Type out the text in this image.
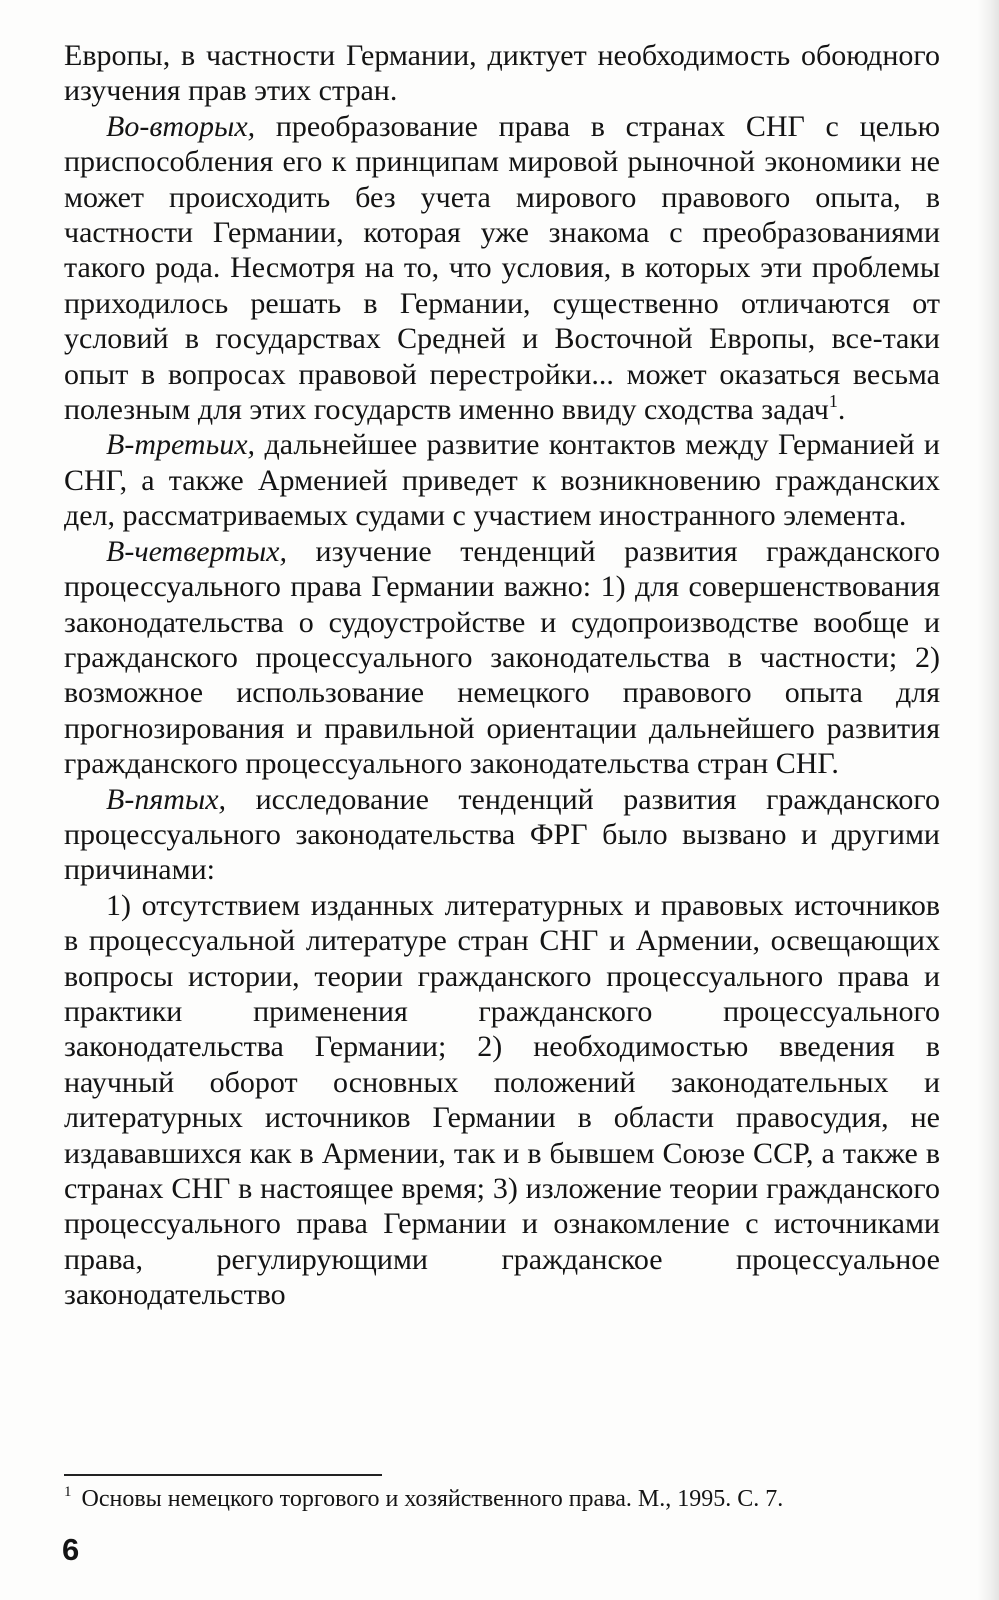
Европы, в частности Германии, диктует необходимость обоюдного изучения прав этих стран.

Во-вторых, преобразование права в странах СНГ с целью приспособления его к принципам мировой рыночной экономики не может происходить без учета мирового правового опыта, в частности Германии, которая уже знакома с преобразованиями такого рода. Несмотря на то, что условия, в которых эти проблемы приходилось решать в Германии, существенно отличаются от условий в государствах Средней и Восточной Европы, все-таки опыт в вопросах правовой перестройки... может оказаться весьма полезным для этих государств именно ввиду сходства задач$^1$.

В-третьих, дальнейшее развитие контактов между Германией и СНГ, а также Арменией приведет к возникновению гражданских дел, рассматриваемых судами с участием иностранного элемента.

В-четвертых, изучение тенденций развития гражданского процессуального права Германии важно: 1) для совершенствования законодательства о судоустройстве и судопроизводстве вообще и гражданского процессуального законодательства в частности; 2) возможное использование немецкого правового опыта для прогнозирования и правильной ориентации дальнейшего развития гражданского процессуального законодательства стран СНГ.

В-пятых, исследование тенденций развития гражданского процессуального законодательства ФРГ было вызвано и другими причинами:

1) отсутствием изданных литературных и правовых источников в процессуальной литературе стран СНГ и Армении, освещающих вопросы истории, теории гражданского процессуального права и практики применения гражданского процессуального законодательства Германии; 2) необходимостью введения в научный оборот основных положений законодательных и литературных источников Германии в области правосудия, не издававшихся как в Армении, так и в бывшем Союзе ССР, а также в странах СНГ в настоящее время; 3) изложение теории гражданского процессуального права Германии и ознакомление с источниками права, регулирующими гражданское процессуальное законодательство

$^1$ Основы немецкого торгового и хозяйственного права. М., 1995. С. 7.
6
